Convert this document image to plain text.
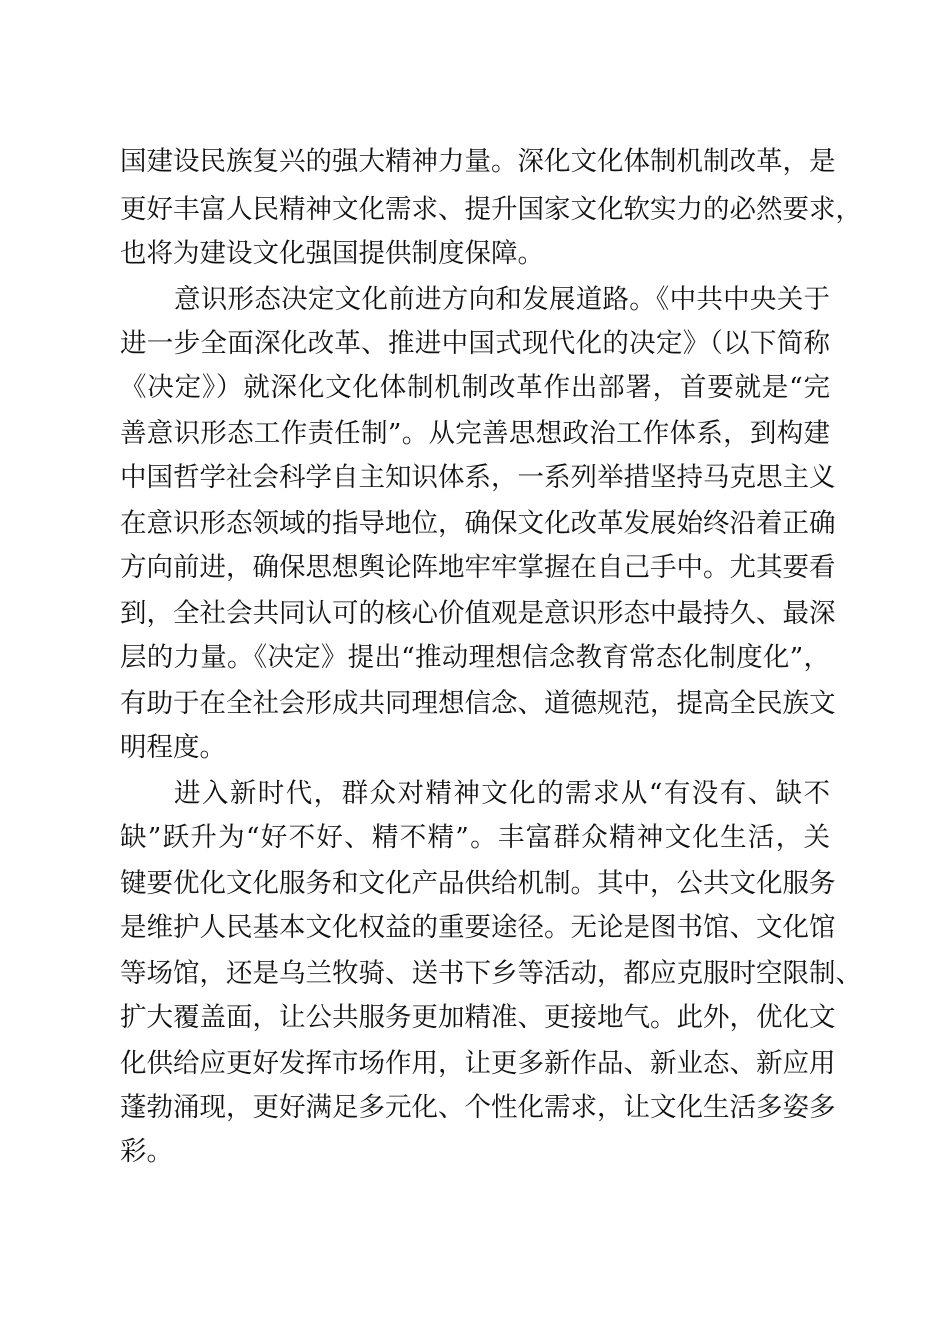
国建设民族复兴的强大精神力量。深化文化体制机制改革，是
更好丰富人民精神文化需求、提升国家文化软实力的必然要求，
也将为建设文化强国提供制度保障。
意识形态决定文化前进方向和发展道路。《中共中央关于
进一步全面深化改革、推进中国式现代化的决定》（以下简称
《决定》）就深化文化体制机制改革作出部署，首要就是“完
善意识形态工作责任制”。从完善思想政治工作体系，到构建
中国哲学社会科学自主知识体系，一系列举措坚持马克思主义
在意识形态领域的指导地位，确保文化改革发展始终沿着正确
方向前进，确保思想舆论阵地牢牢掌握在自己手中。尤其要看
到，全社会共同认可的核心价值观是意识形态中最持久、最深
层的力量。《决定》提出“推动理想信念教育常态化制度化”，
有助于在全社会形成共同理想信念、道德规范，提高全民族文
明程度。
进入新时代，群众对精神文化的需求从“有没有、缺不
缺”跃升为“好不好、精不精”。丰富群众精神文化生活，关
键要优化文化服务和文化产品供给机制。其中，公共文化服务
是维护人民基本文化权益的重要途径。无论是图书馆、文化馆
等场馆，还是乌兰牧骑、送书下乡等活动，都应克服时空限制、
扩大覆盖面，让公共服务更加精准、更接地气。此外，优化文
化供给应更好发挥市场作用，让更多新作品、新业态、新应用
蓬勃涌现，更好满足多元化、个性化需求，让文化生活多姿多
彩。
